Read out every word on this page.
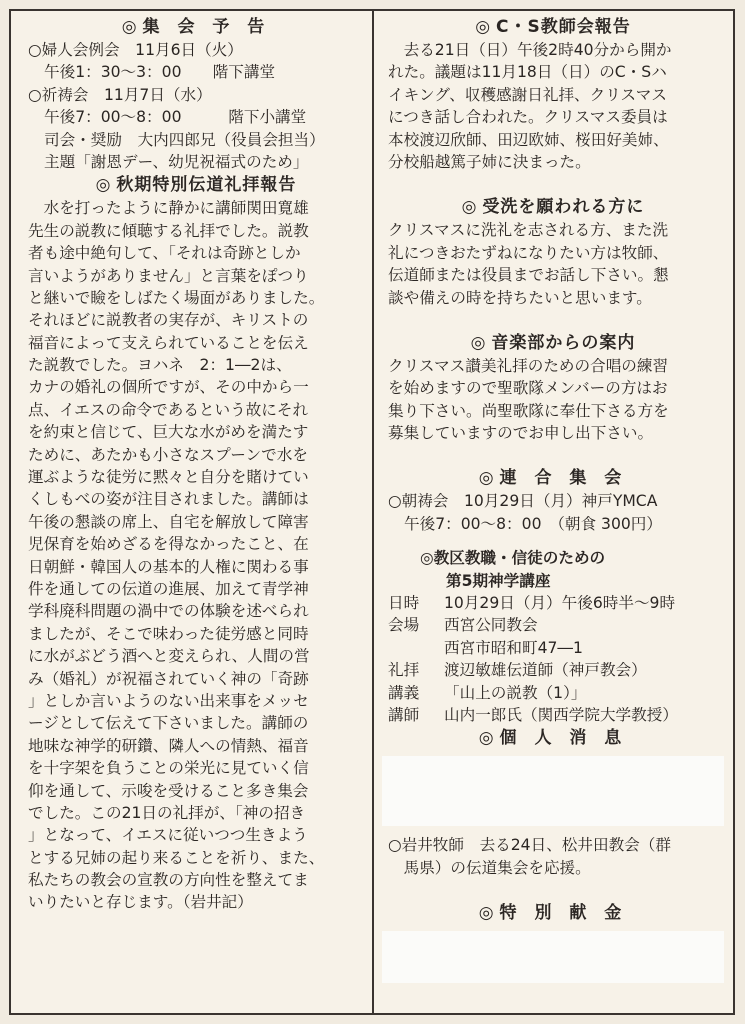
◎ 集 会 予 告
○婦人会例会　11月6日（火）
午後1：30～3：00　　階下講堂
○祈祷会　11月7日（水）
午後7：00～8：00　　　階下小講堂
司会・奨励　大内四郎兄（役員会担当）
主題「謝恩デー、幼児祝福式のため」
◎ 秋期特別伝道礼拝報告
　水を打ったように静かに講師関田寛雄
先生の説教に傾聴する礼拝でした。説教
者も途中絶句して、「それは奇跡としか
言いようがありません」と言葉をぽつり
と継いで瞼をしばたく場面がありました。
それほどに説教者の実存が、キリストの
福音によって支えられていることを伝え
た説教でした。ヨハネ　2：1―2は、
カナの婚礼の個所ですが、その中から一
点、イエスの命令であるという故にそれ
を約束と信じて、巨大な水がめを満たす
ために、あたかも小さなスプーンで水を
運ぶような徒労に黙々と自分を賭けてい
くしもべの姿が注目されました。講師は
午後の懇談の席上、自宅を解放して障害
児保育を始めざるを得なかったこと、在
日朝鮮・韓国人の基本的人権に関わる事
件を通しての伝道の進展、加えて青学神
学科廃科問題の渦中での体験を述べられ
ましたが、そこで味わった徒労感と同時
に水がぶどう酒へと変えられ、人間の営
み（婚礼）が祝福されていく神の「奇跡
」としか言いようのない出来事をメッセ
ージとして伝えて下さいました。講師の
地味な神学的研鑽、隣人への情熱、福音
を十字架を負うことの栄光に見ていく信
仰を通して、示唆を受けること多き集会
でした。この21日の礼拝が、「神の招き
」となって、イエスに従いつつ生きよう
とする兄姉の起り来ることを祈り、また、
私たちの教会の宣教の方向性を整えてま
いりたいと存じます。（岩井記）
◎ C・S教師会報告
　去る21日（日）午後2時40分から開か
れた。議題は11月18日（日）のC・Sハ
イキング、収穫感謝日礼拝、クリスマス
につき話し合われた。クリスマス委員は
本校渡辺欣師、田辺欧姉、桜田好美姉、
分校船越篤子姉に決まった。
◎ 受洗を願われる方に
クリスマスに洗礼を志される方、また洗
礼につきおたずねになりたい方は牧師、
伝道師または役員までお話し下さい。懇
談や備えの時を持ちたいと思います。
◎ 音楽部からの案内
クリスマス讃美礼拝のための合唱の練習
を始めますので聖歌隊メンバーの方はお
集り下さい。尚聖歌隊に奉仕下さる方を
募集していますのでお申し出下さい。
◎ 連 合 集 会
○朝祷会　10月29日（月）神戸YMCA
午後7：00～8：00　（朝食 300円）
◎教区教職・信徒のための
第5期神学講座
日時	10月29日（月）午後6時半～9時
会場	西宮公同教会
西宮市昭和町47―1
礼拝	渡辺敏雄伝道師（神戸教会）
講義	「山上の説教（1）」
講師	山内一郎氏（関西学院大学教授）
◎ 個 人 消 息
○岩井牧師　去る24日、松井田教会（群
　馬県）の伝道集会を応援。
◎ 特 別 献 金
